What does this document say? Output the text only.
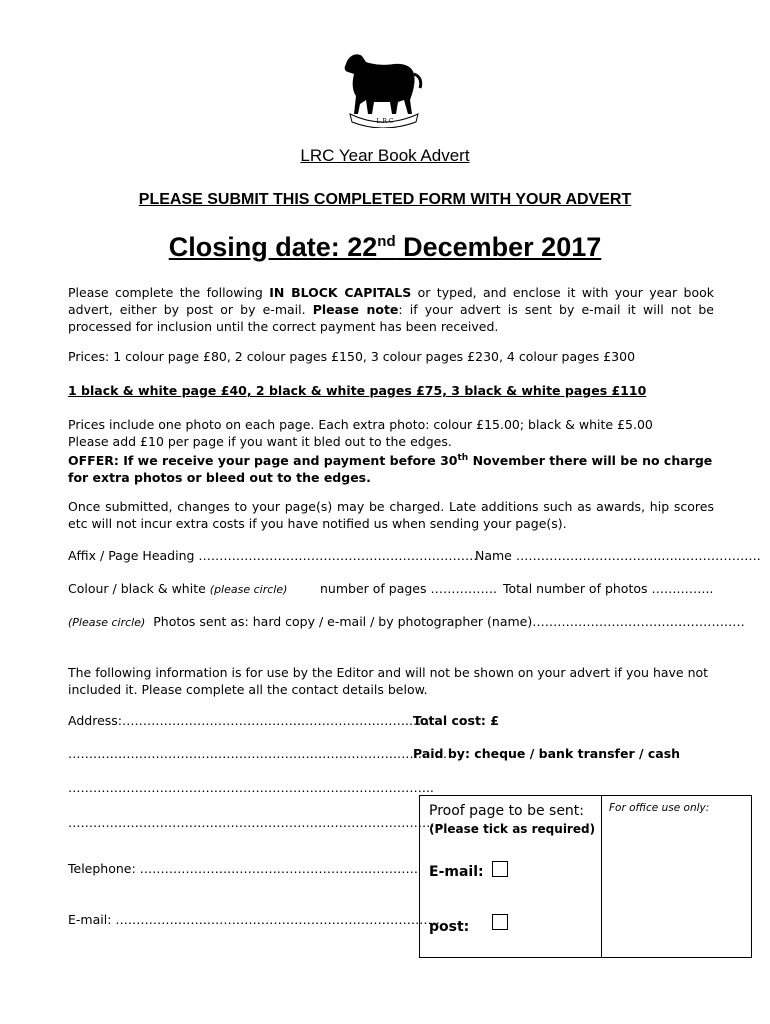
L.R.C
LRC Year Book Advert
PLEASE SUBMIT THIS COMPLETED FORM WITH YOUR ADVERT
Closing date: 22nd December 2017
Please complete the following IN BLOCK CAPITALS or typed, and enclose it with your year book advert, either by post or by e-mail. Please note: if your advert is sent by e-mail it will not be processed for inclusion until the correct payment has been received.
Prices: 1 colour page £80, 2 colour pages £150, 3 colour pages £230, 4 colour pages £300
1 black & white page £40, 2 black & white pages £75, 3 black & white pages £110
Prices include one photo on each page. Each extra photo: colour £15.00; black & white £5.00
Please add £10 per page if you want it bled out to the edges.
OFFER: If we receive your page and payment before 30th November there will be no charge for extra photos or bleed out to the edges.
Once submitted, changes to your page(s) may be charged. Late additions such as awards, hip scores etc will not incur extra costs if you have notified us when sending your page(s).
Affix / Page Heading ………………………………………………………….
Name ……………………………..…..……………….
Colour / black & white (please circle)	number of pages ……………. Total number of photos …….……..
(Please circle) Photos sent as: hard copy / e-mail / by photographer (name)……………………………………………
The following information is for use by the Editor and will not be shown on your advert if you have not included it. Please complete all the contact details below.
Address:……………………………………..…………………….……
…………………………………………………………………….…………
…………………………………………………………..………………..
……………………………………………………….……………………..
Telephone: …………………..…………………………..…………
E-mail: …………………..……………………………………………….
Total cost: £
Paid by: cheque / bank transfer / cash
Proof page to be sent:
(Please tick as required)
For office use only:
E-mail:
post:
